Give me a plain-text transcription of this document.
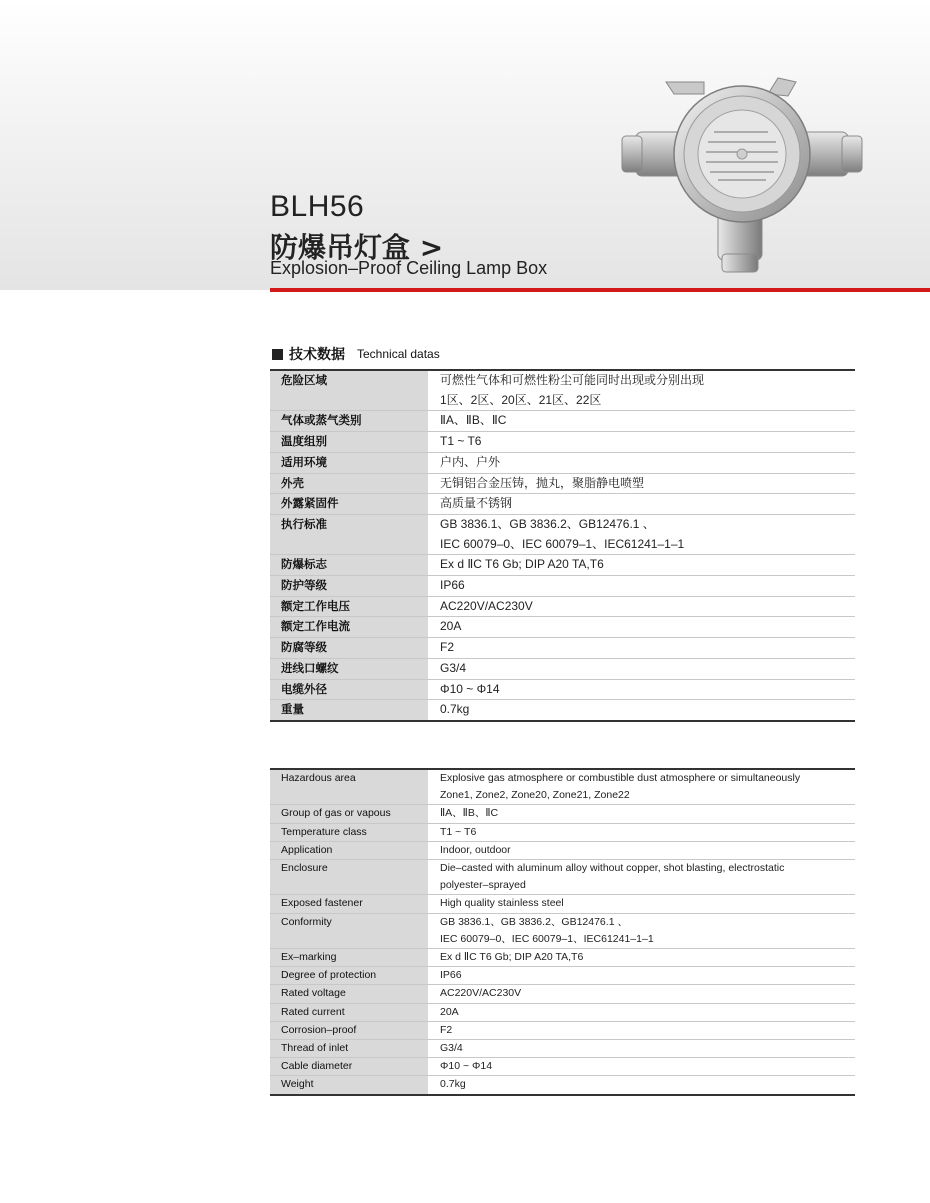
BLH56
防爆吊灯盒 >
Explosion–Proof Ceiling Lamp Box
技术数据 Technical datas
危险区域	可燃性气体和可燃性粉尘可能同时出现或分别出现
1区、2区、20区、21区、22区

气体或蒸气类别	ⅡA、ⅡB、ⅡC
温度组别	T1 ~ T6
适用环境	户内、户外
外壳	无铜铝合金压铸，抛丸，聚脂静电喷塑
外露紧固件	高质量不锈钢
执行标准	GB 3836.1、GB 3836.2、GB12476.1 、
IEC 60079–0、IEC 60079–1、IEC61241–1–1

防爆标志	Ex d ⅡC T6 Gb; DIP A20 TA,T6
防护等级	IP66
额定工作电压	AC220V/AC230V
额定工作电流	20A
防腐等级	F2
进线口螺纹	G3/4
电缆外径	Φ10 ~ Φ14
重量	0.7kg
Hazardous area	Explosive gas atmosphere or combustible dust atmosphere or simultaneously
Zone1, Zone2, Zone20, Zone21, Zone22

Group of gas or vapous	ⅡA、ⅡB、ⅡC
Temperature class	T1 ~ T6
Application	Indoor, outdoor
Enclosure	Die–casted with aluminum alloy without copper, shot blasting, electrostatic
polyester–sprayed

Exposed fastener	High quality stainless steel
Conformity	GB 3836.1、GB 3836.2、GB12476.1 、
IEC 60079–0、IEC 60079–1、IEC61241–1–1

Ex–marking	Ex d ⅡC T6 Gb; DIP A20 TA,T6
Degree of protection	IP66
Rated voltage	AC220V/AC230V
Rated current	20A
Corrosion–proof	F2
Thread of inlet	G3/4
Cable diameter	Φ10 ~ Φ14
Weight	0.7kg
